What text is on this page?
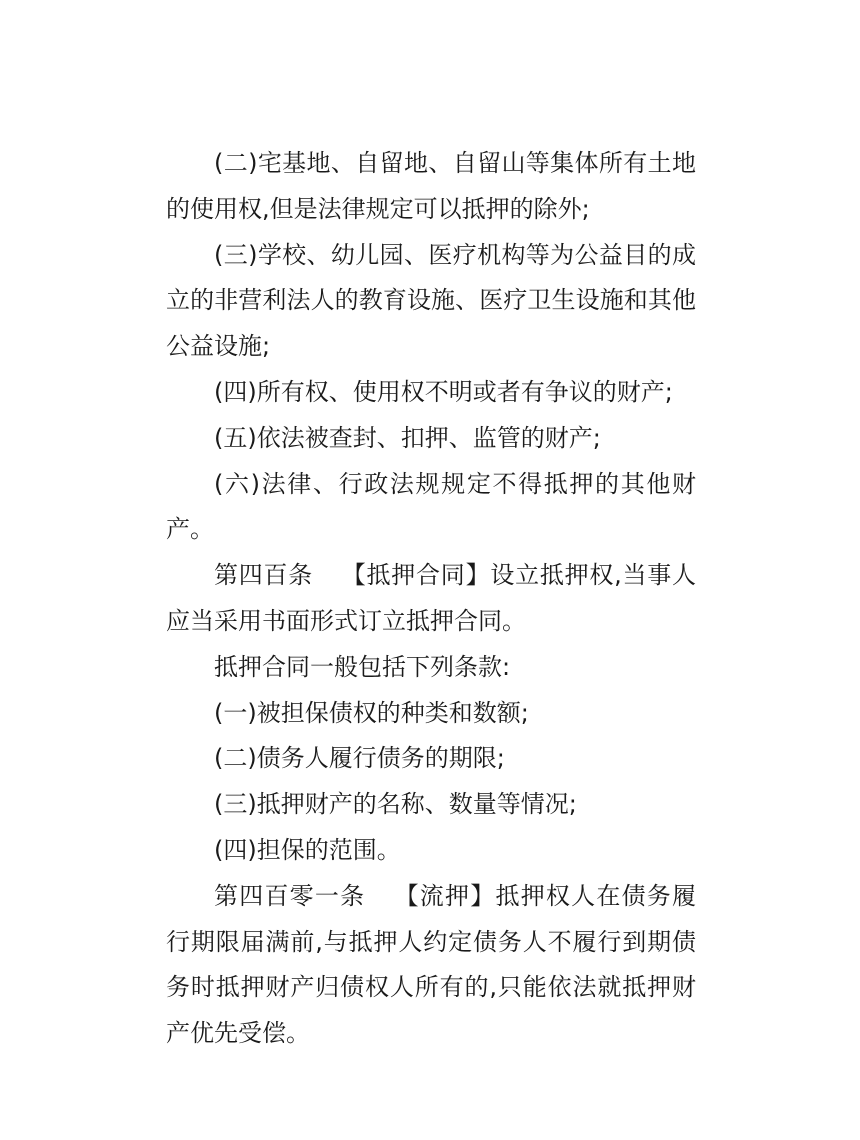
(二)宅基地、自留地、自留山等集体所有土地的使用权,但是法律规定可以抵押的除外;

(三)学校、幼儿园、医疗机构等为公益目的成立的非营利法人的教育设施、医疗卫生设施和其他公益设施;

(四)所有权、使用权不明或者有争议的财产;

(五)依法被查封、扣押、监管的财产;

(六)法律、行政法规规定不得抵押的其他财产。

第四百条 【抵押合同】设立抵押权,当事人应当采用书面形式订立抵押合同。

抵押合同一般包括下列条款:

(一)被担保债权的种类和数额;

(二)债务人履行债务的期限;

(三)抵押财产的名称、数量等情况;

(四)担保的范围。

第四百零一条 【流押】抵押权人在债务履行期限届满前,与抵押人约定债务人不履行到期债务时抵押财产归债权人所有的,只能依法就抵押财产优先受偿。
